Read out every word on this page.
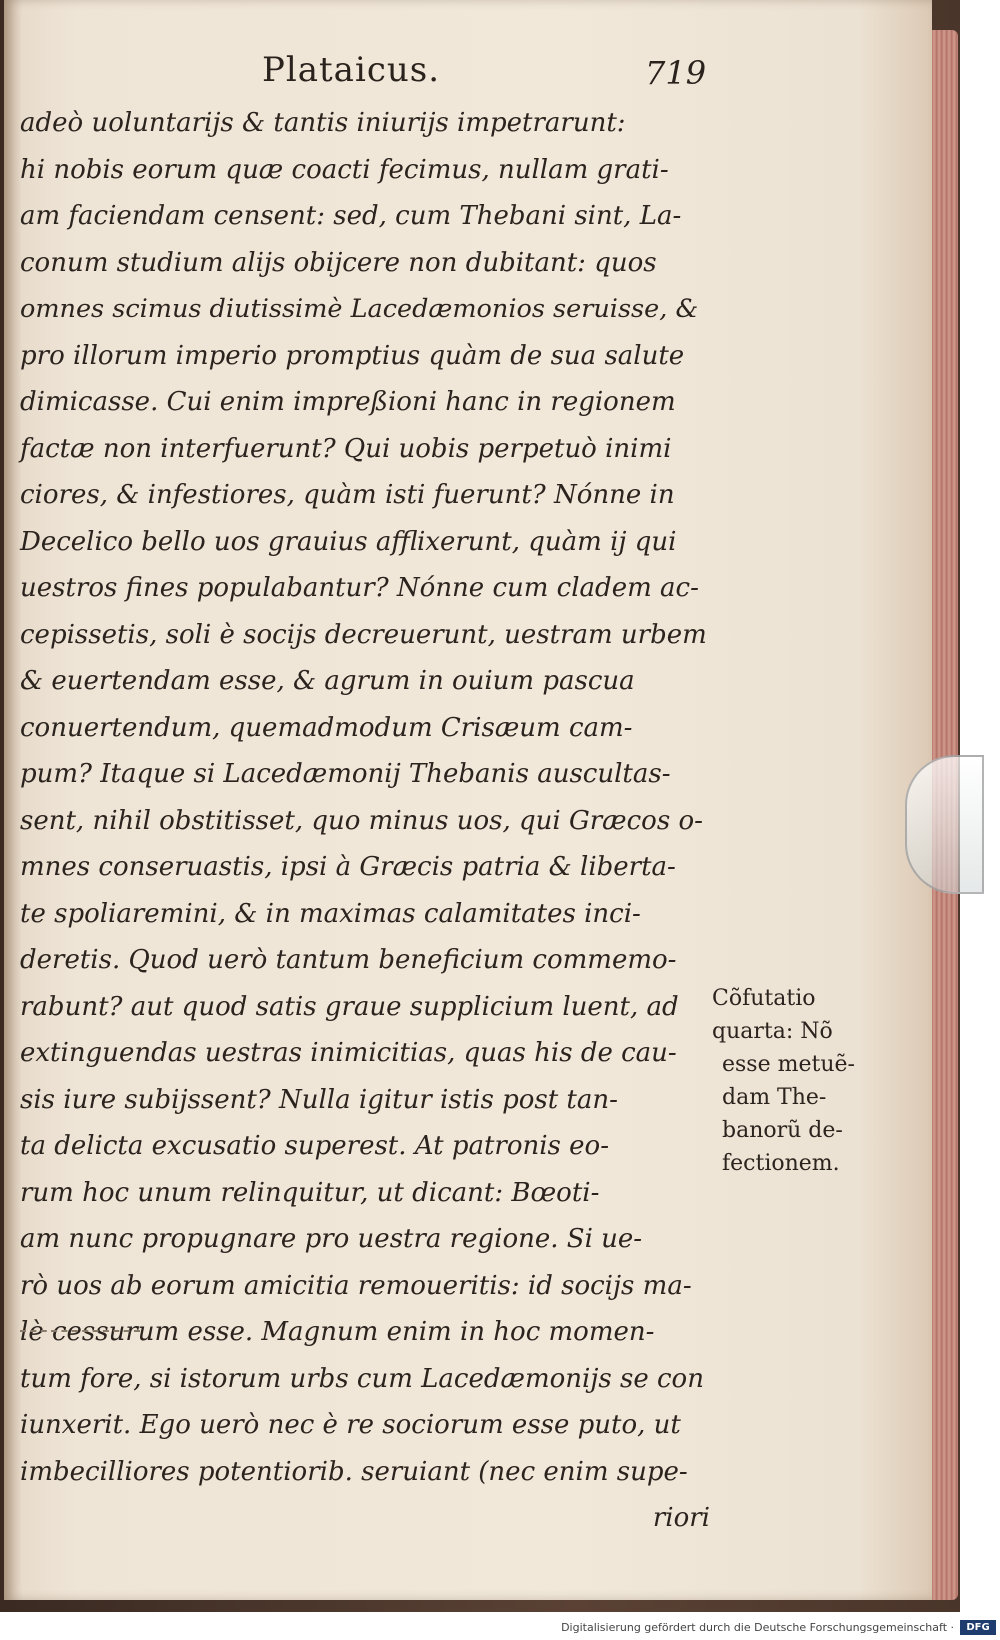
Plataicus.	719
adeò uoluntarijs & tantis iniurijs impetrarunt:
hi nobis eorum quæ coacti fecimus, nullam grati-
am faciendam censent: sed, cum Thebani sint, La-
conum studium alijs obijcere non dubitant: quos
omnes scimus diutissimè Lacedæmonios seruisse, &
pro illorum imperio promptius quàm de sua salute
dimicasse. Cui enim impreßioni hanc in regionem
factæ non interfuerunt? Qui uobis perpetuò inimi
ciores, & infestiores, quàm isti fuerunt? Nónne in
Decelico bello uos grauius afflixerunt, quàm ij qui
uestros fines populabantur? Nónne cum cladem ac-
cepissetis, soli è socijs decreuerunt, uestram urbem
& euertendam esse, & agrum in ouium pascua
conuertendum, quemadmodum Crisæum cam-
pum? Itaque si Lacedæmonij Thebanis auscultas-
sent, nihil obstitisset, quo minus uos, qui Græcos o-
mnes conseruastis, ipsi à Græcis patria & liberta-
te spoliaremini, & in maximas calamitates inci-
deretis. Quod uerò tantum beneficium commemo-
rabunt? aut quod satis graue supplicium luent, ad
extinguendas uestras inimicitias, quas his de cau-
sis iure subijssent? Nulla igitur istis post tan-
ta delicta excusatio superest. At patronis eo-
rum hoc unum relinquitur, ut dicant: Bœoti-
am nunc propugnare pro uestra regione. Si ue-
rò uos ab eorum amicitia remoueritis: id socijs ma-
lè cessurum esse. Magnum enim in hoc momen-
tum fore, si istorum urbs cum Lacedæmonijs se con
iunxerit. Ego uerò nec è re sociorum esse puto, ut
imbecilliores potentiorib. seruiant (nec enim supe-
riori
Cõfutatio
quarta: Nõ
esse metuẽ-
dam The-
banorũ de-
fectionem.
Digitalisierung gefördert durch die Deutsche Forschungsgemeinschaft ·	DFG
